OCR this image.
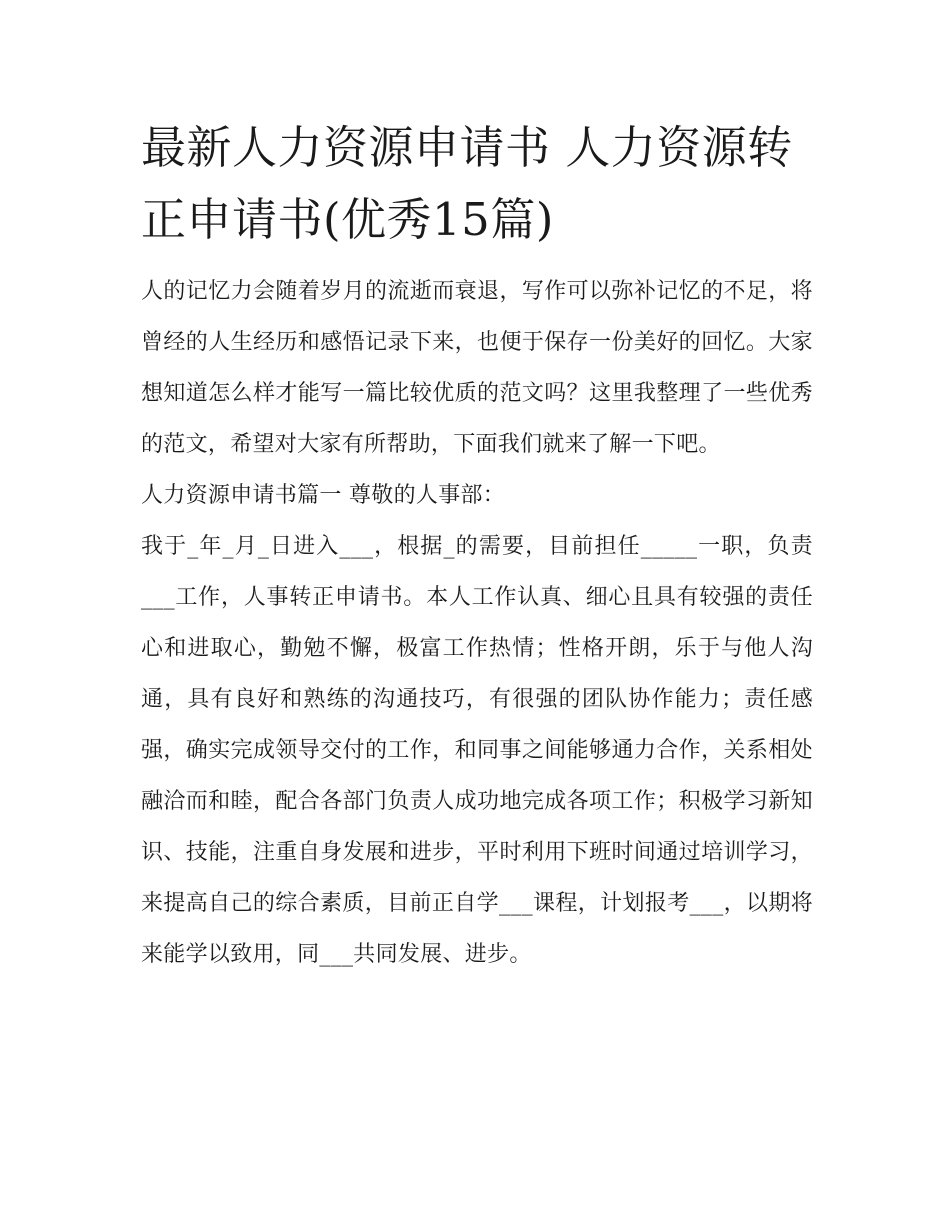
最新人力资源申请书 人力资源转正申请书(优秀15篇)

人的记忆力会随着岁月的流逝而衰退，写作可以弥补记忆的不足，将曾经的人生经历和感悟记录下来，也便于保存一份美好的回忆。大家想知道怎么样才能写一篇比较优质的范文吗？这里我整理了一些优秀的范文，希望对大家有所帮助，下面我们就来了解一下吧。

人力资源申请书篇一 尊敬的人事部：

我于_年_月_日进入___，根据_的需要，目前担任_____一职，负责___工作，人事转正申请书。本人工作认真、细心且具有较强的责任心和进取心，勤勉不懈，极富工作热情；性格开朗，乐于与他人沟通，具有良好和熟练的沟通技巧，有很强的团队协作能力；责任感强，确实完成领导交付的工作，和同事之间能够通力合作，关系相处融洽而和睦，配合各部门负责人成功地完成各项工作；积极学习新知识、技能，注重自身发展和进步，平时利用下班时间通过培训学习，来提高自己的综合素质，目前正自学___课程，计划报考___，以期将来能学以致用，同___共同发展、进步。
